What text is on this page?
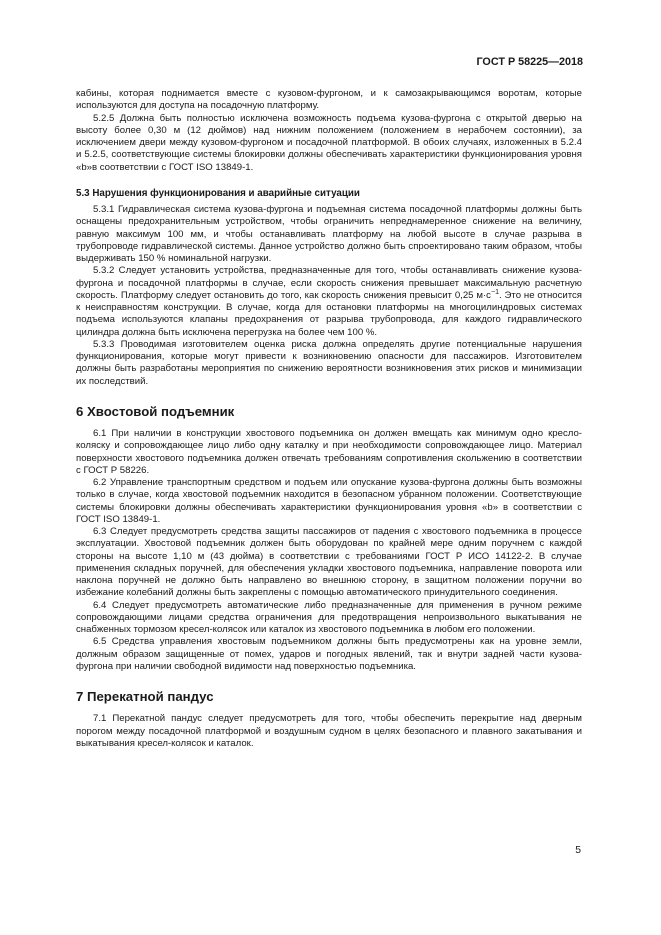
ГОСТ Р 58225—2018

кабины, которая поднимается вместе с кузовом-фургоном, и к самозакрывающимся воротам, которые используются для доступа на посадочную платформу.

5.2.5 Должна быть полностью исключена возможность подъема кузова-фургона с открытой дверью на высоту более 0,30 м (12 дюймов) над нижним положением (положением в нерабочем состоянии), за исключением двери между кузовом-фургоном и посадочной платформой. В обоих случаях, изложенных в 5.2.4 и 5.2.5, соответствующие системы блокировки должны обеспечивать характеристики функционирования уровня «b»в соответствии с ГОСТ ISO 13849-1.

5.3 Нарушения функционирования и аварийные ситуации

5.3.1 Гидравлическая система кузова-фургона и подъемная система посадочной платформы должны быть оснащены предохранительным устройством, чтобы ограничить непреднамеренное снижение на величину, равную максимум 100 мм, и чтобы останавливать платформу на любой высоте в случае разрыва в трубопроводе гидравлической системы. Данное устройство должно быть спроектировано таким образом, чтобы выдерживать 150 % номинальной нагрузки.

5.3.2 Следует установить устройства, предназначенные для того, чтобы останавливать снижение кузова-фургона и посадочной платформы в случае, если скорость снижения превышает максимальную расчетную скорость. Платформу следует остановить до того, как скорость снижения превысит 0,25 $м\cdot с^{-1}$. Это не относится к неисправностям конструкции. В случае, когда для остановки платформы на многоцилиндровых системах подъема используются клапаны предохранения от разрыва трубопровода, для каждого гидравлического цилиндра должна быть исключена перегрузка на более чем 100 %.

5.3.3 Проводимая изготовителем оценка риска должна определять другие потенциальные нарушения функционирования, которые могут привести к возникновению опасности для пассажиров. Изготовителем должны быть разработаны мероприятия по снижению вероятности возникновения этих рисков и минимизации их последствий.

6 Хвостовой подъемник

6.1 При наличии в конструкции хвостового подъемника он должен вмещать как минимум одно кресло-коляску и сопровождающее лицо либо одну каталку и при необходимости сопровождающее лицо. Материал поверхности хвостового подъемника должен отвечать требованиям сопротивления скольжению в соответствии с ГОСТ Р 58226.

6.2 Управление транспортным средством и подъем или опускание кузова-фургона должны быть возможны только в случае, когда хвостовой подъемник находится в безопасном убранном положении. Соответствующие системы блокировки должны обеспечивать характеристики функционирования уровня «b» в соответствии с ГОСТ ISO 13849-1.

6.3 Следует предусмотреть средства защиты пассажиров от падения с хвостового подъемника в процессе эксплуатации. Хвостовой подъемник должен быть оборудован по крайней мере одним поручнем с каждой стороны на высоте 1,10 м (43 дюйма) в соответствии с требованиями ГОСТ Р ИСО 14122-2. В случае применения складных поручней, для обеспечения укладки хвостового подъемника, направление поворота или наклона поручней не должно быть направлено во внешнюю сторону, в защитном положении поручни во избежание колебаний должны быть закреплены с помощью автоматического принудительного соединения.

6.4 Следует предусмотреть автоматические либо предназначенные для применения в ручном режиме сопровождающими лицами средства ограничения для предотвращения непроизвольного выкатывания не снабженных тормозом кресел-колясок или каталок из хвостового подъемника в любом его положении.

6.5 Средства управления хвостовым подъемником должны быть предусмотрены как на уровне земли, должным образом защищенные от помех, ударов и погодных явлений, так и внутри задней части кузова-фургона при наличии свободной видимости над поверхностью подъемника.

7 Перекатной пандус

7.1 Перекатной пандус следует предусмотреть для того, чтобы обеспечить перекрытие над дверным порогом между посадочной платформой и воздушным судном в целях безопасного и плавного закатывания и выкатывания кресел-колясок и каталок.

5
